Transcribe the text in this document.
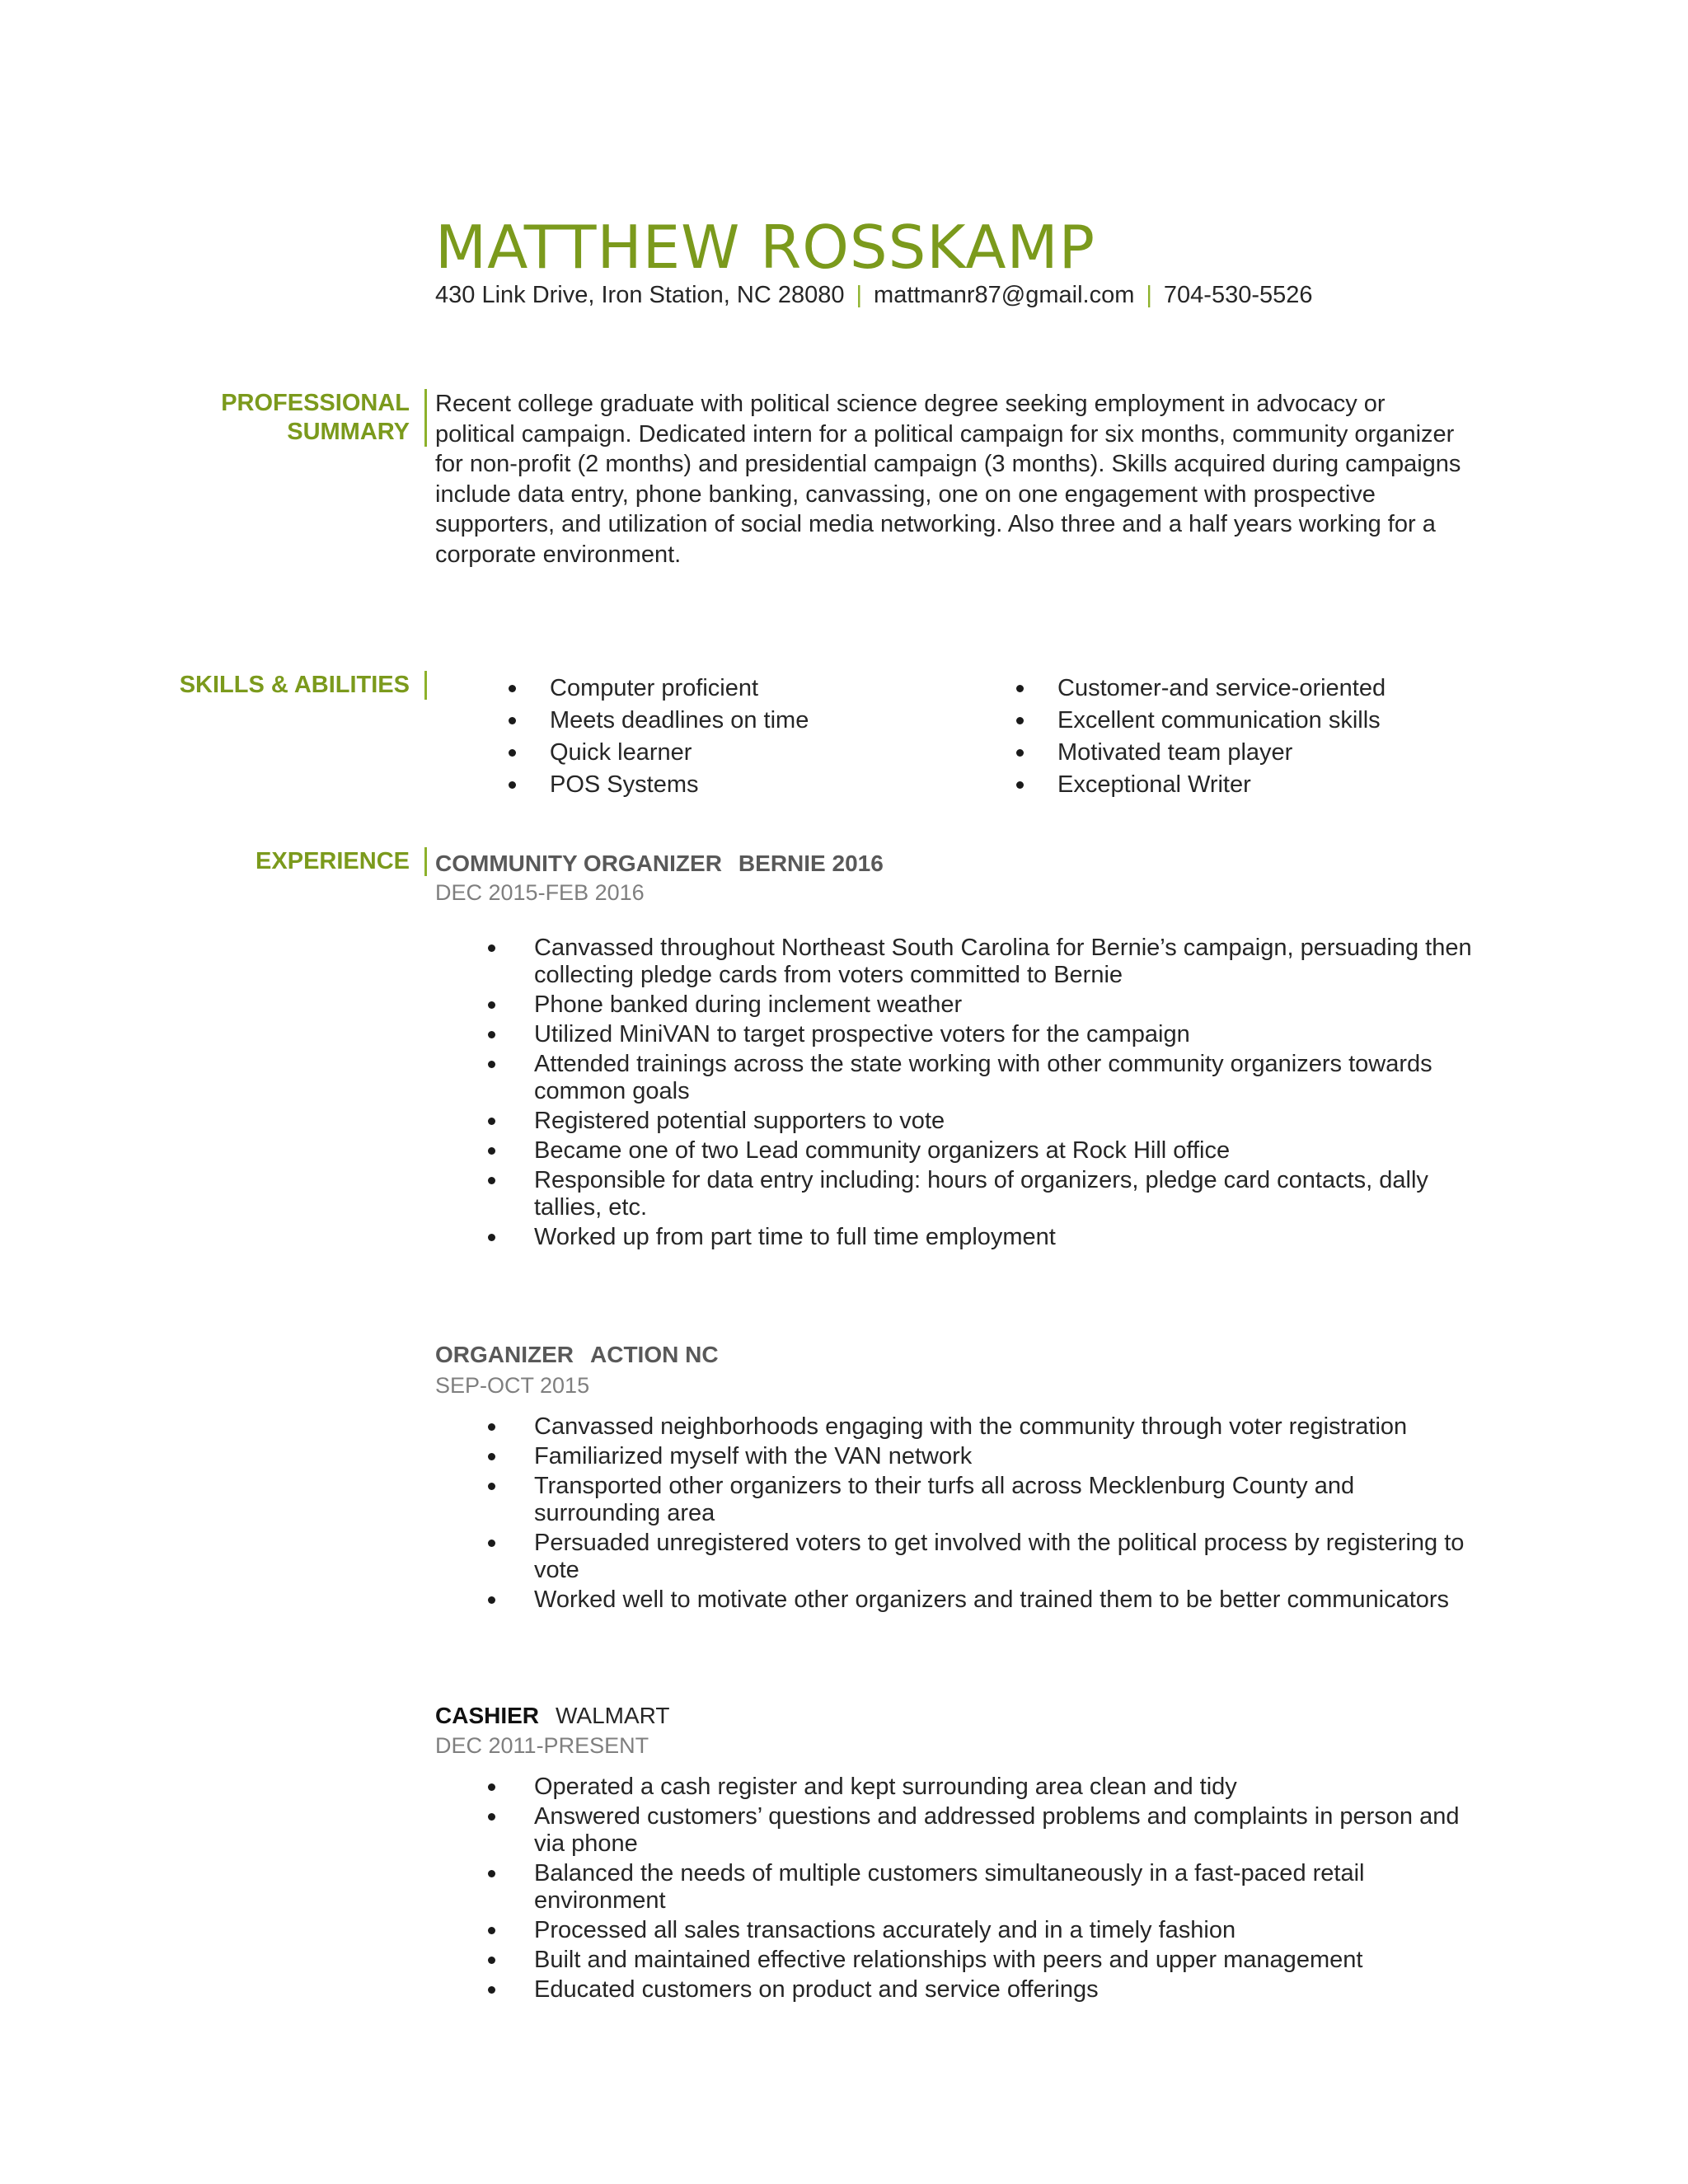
MATTHEW ROSSKAMP
430 Link Drive, Iron Station, NC 28080 | mattmanr87@gmail.com | 704-530-5526
PROFESSIONAL
SUMMARY
Recent college graduate with political science degree seeking employment in advocacy or political campaign. Dedicated intern for a political campaign for six months, community organizer for non-profit (2 months) and presidential campaign (3 months). Skills acquired during campaigns include data entry, phone banking, canvassing, one on one engagement with prospective supporters, and utilization of social media networking. Also three and a half years working for a corporate environment.
SKILLS & ABILITIES	Computer proficient
Meets deadlines on time
Quick learner
POS Systems
Customer-and service-oriented
Excellent communication skills
Motivated team player
Exceptional Writer
EXPERIENCE COMMUNITY ORGANIZER BERNIE 2016
DEC 2015-FEB 2016
Canvassed throughout Northeast South Carolina for Bernie’s campaign, persuading then collecting pledge cards from voters committed to Bernie
Phone banked during inclement weather
Utilized MiniVAN to target prospective voters for the campaign
Attended trainings across the state working with other community organizers towards common goals
Registered potential supporters to vote
Became one of two Lead community organizers at Rock Hill office
Responsible for data entry including: hours of organizers, pledge card contacts, dally tallies, etc.
Worked up from part time to full time employment
ORGANIZER ACTION NC
SEP-OCT 2015
Canvassed neighborhoods engaging with the community through voter registration
Familiarized myself with the VAN network
Transported other organizers to their turfs all across Mecklenburg County and surrounding area
Persuaded unregistered voters to get involved with the political process by registering to vote
Worked well to motivate other organizers and trained them to be better communicators
CASHIER WALMART
DEC 2011-PRESENT
Operated a cash register and kept surrounding area clean and tidy
Answered customers’ questions and addressed problems and complaints in person and via phone
Balanced the needs of multiple customers simultaneously in a fast-paced retail environment
Processed all sales transactions accurately and in a timely fashion
Built and maintained effective relationships with peers and upper management
Educated customers on product and service offerings
